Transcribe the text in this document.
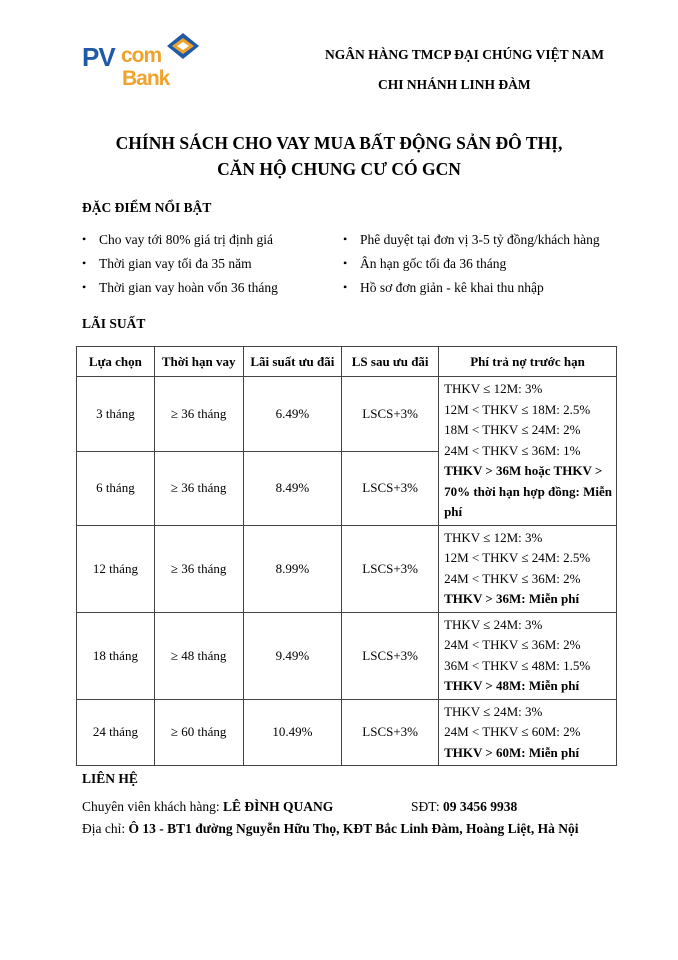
PV com
Bank
NGÂN HÀNG TMCP ĐẠI CHÚNG VIỆT NAM
CHI NHÁNH LINH ĐÀM
CHÍNH SÁCH CHO VAY MUA BẤT ĐỘNG SẢN ĐÔ THỊ,
CĂN HỘ CHUNG CƯ CÓ GCN
ĐẶC ĐIỂM NỔI BẬT
• Cho vay tới 80% giá trị định giá
• Thời gian vay tối đa 35 năm
• Thời gian vay hoàn vốn 36 tháng
• Phê duyệt tại đơn vị 3-5 tỷ đồng/khách hàng
• Ân hạn gốc tối đa 36 tháng
• Hồ sơ đơn giản - kê khai thu nhập
LÃI SUẤT
Lựa chọn	Thời hạn vay	Lãi suất ưu đãi	LS sau ưu đãi	Phí trả nợ trước hạn
3 tháng	≥ 36 tháng	6.49%	LSCS+3%	THKV ≤ 12M: 3%
12M < THKV ≤ 18M: 2.5%
18M < THKV ≤ 24M: 2%
24M < THKV ≤ 36M: 1%
THKV > 36M hoặc THKV > 70% thời hạn hợp đồng: Miễn phí

6 tháng	≥ 36 tháng	8.49%	LSCS+3%	
12 tháng	≥ 36 tháng	8.99%	LSCS+3%	THKV ≤ 12M: 3%
12M < THKV ≤ 24M: 2.5%
24M < THKV ≤ 36M: 2%
THKV > 36M: Miễn phí

18 tháng	≥ 48 tháng	9.49%	LSCS+3%	THKV ≤ 24M: 3%
24M < THKV ≤ 36M: 2%
36M < THKV ≤ 48M: 1.5%
THKV > 48M: Miễn phí

24 tháng	≥ 60 tháng	10.49%	LSCS+3%	THKV ≤ 24M: 3%
24M < THKV ≤ 60M: 2%
THKV > 60M: Miễn phí
LIÊN HỆ
Chuyên viên khách hàng: LÊ ĐÌNH QUANG	SĐT: 09 3456 9938
Địa chỉ: Ô 13 - BT1 đường Nguyễn Hữu Thọ, KĐT Bắc Linh Đàm, Hoàng Liệt, Hà Nội
